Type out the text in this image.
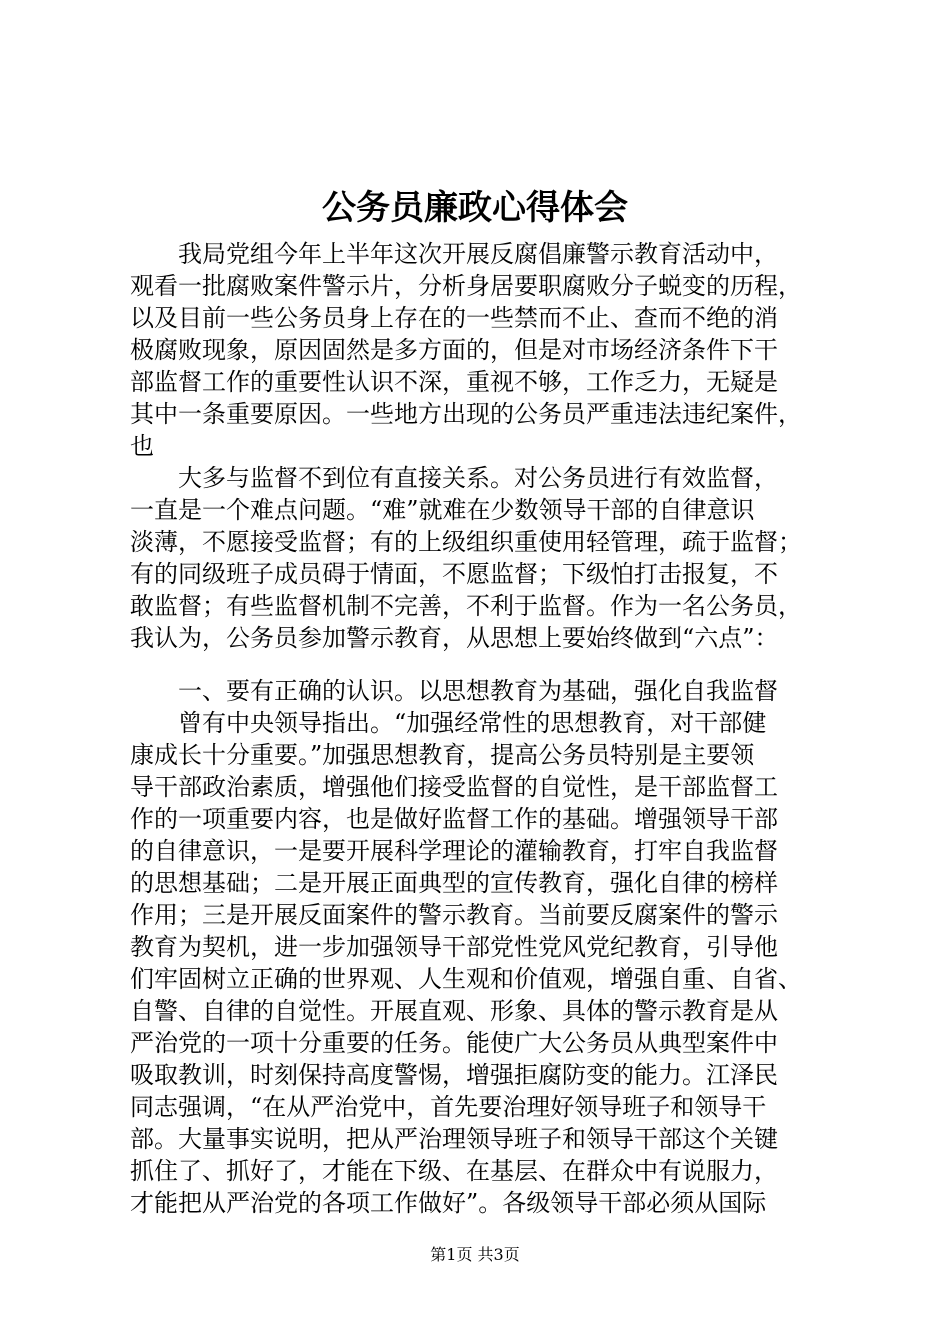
公务员廉政心得体会

　　我局党组今年上半年这次开展反腐倡廉警示教育活动中，

观看一批腐败案件警示片，分析身居要职腐败分子蜕变的历程，

以及目前一些公务员身上存在的一些禁而不止、查而不绝的消

极腐败现象，原因固然是多方面的，但是对市场经济条件下干

部监督工作的重要性认识不深，重视不够，工作乏力，无疑是

其中一条重要原因。一些地方出现的公务员严重违法违纪案件，

也

　　大多与监督不到位有直接关系。对公务员进行有效监督，

一直是一个难点问题。“难”就难在少数领导干部的自律意识

淡薄，不愿接受监督；有的上级组织重使用轻管理，疏于监督；

有的同级班子成员碍于情面，不愿监督；下级怕打击报复，不

敢监督；有些监督机制不完善，不利于监督。作为一名公务员，

我认为，公务员参加警示教育，从思想上要始终做到“六点”：

　　一、要有正确的认识。以思想教育为基础，强化自我监督

　　曾有中央领导指出。“加强经常性的思想教育，对干部健

康成长十分重要。”加强思想教育，提高公务员特别是主要领

导干部政治素质，增强他们接受监督的自觉性，是干部监督工

作的一项重要内容，也是做好监督工作的基础。增强领导干部

的自律意识，一是要开展科学理论的灌输教育，打牢自我监督

的思想基础；二是开展正面典型的宣传教育，强化自律的榜样

作用；三是开展反面案件的警示教育。当前要反腐案件的警示

教育为契机，进一步加强领导干部党性党风党纪教育，引导他

们牢固树立正确的世界观、人生观和价值观，增强自重、自省、

自警、自律的自觉性。开展直观、形象、具体的警示教育是从

严治党的一项十分重要的任务。能使广大公务员从典型案件中

吸取教训，时刻保持高度警惕，增强拒腐防变的能力。江泽民

同志强调，“在从严治党中，首先要治理好领导班子和领导干

部。大量事实说明，把从严治理领导班子和领导干部这个关键

抓住了、抓好了，才能在下级、在基层、在群众中有说服力，

才能把从严治党的各项工作做好”。各级领导干部必须从国际

第1页 共3页
